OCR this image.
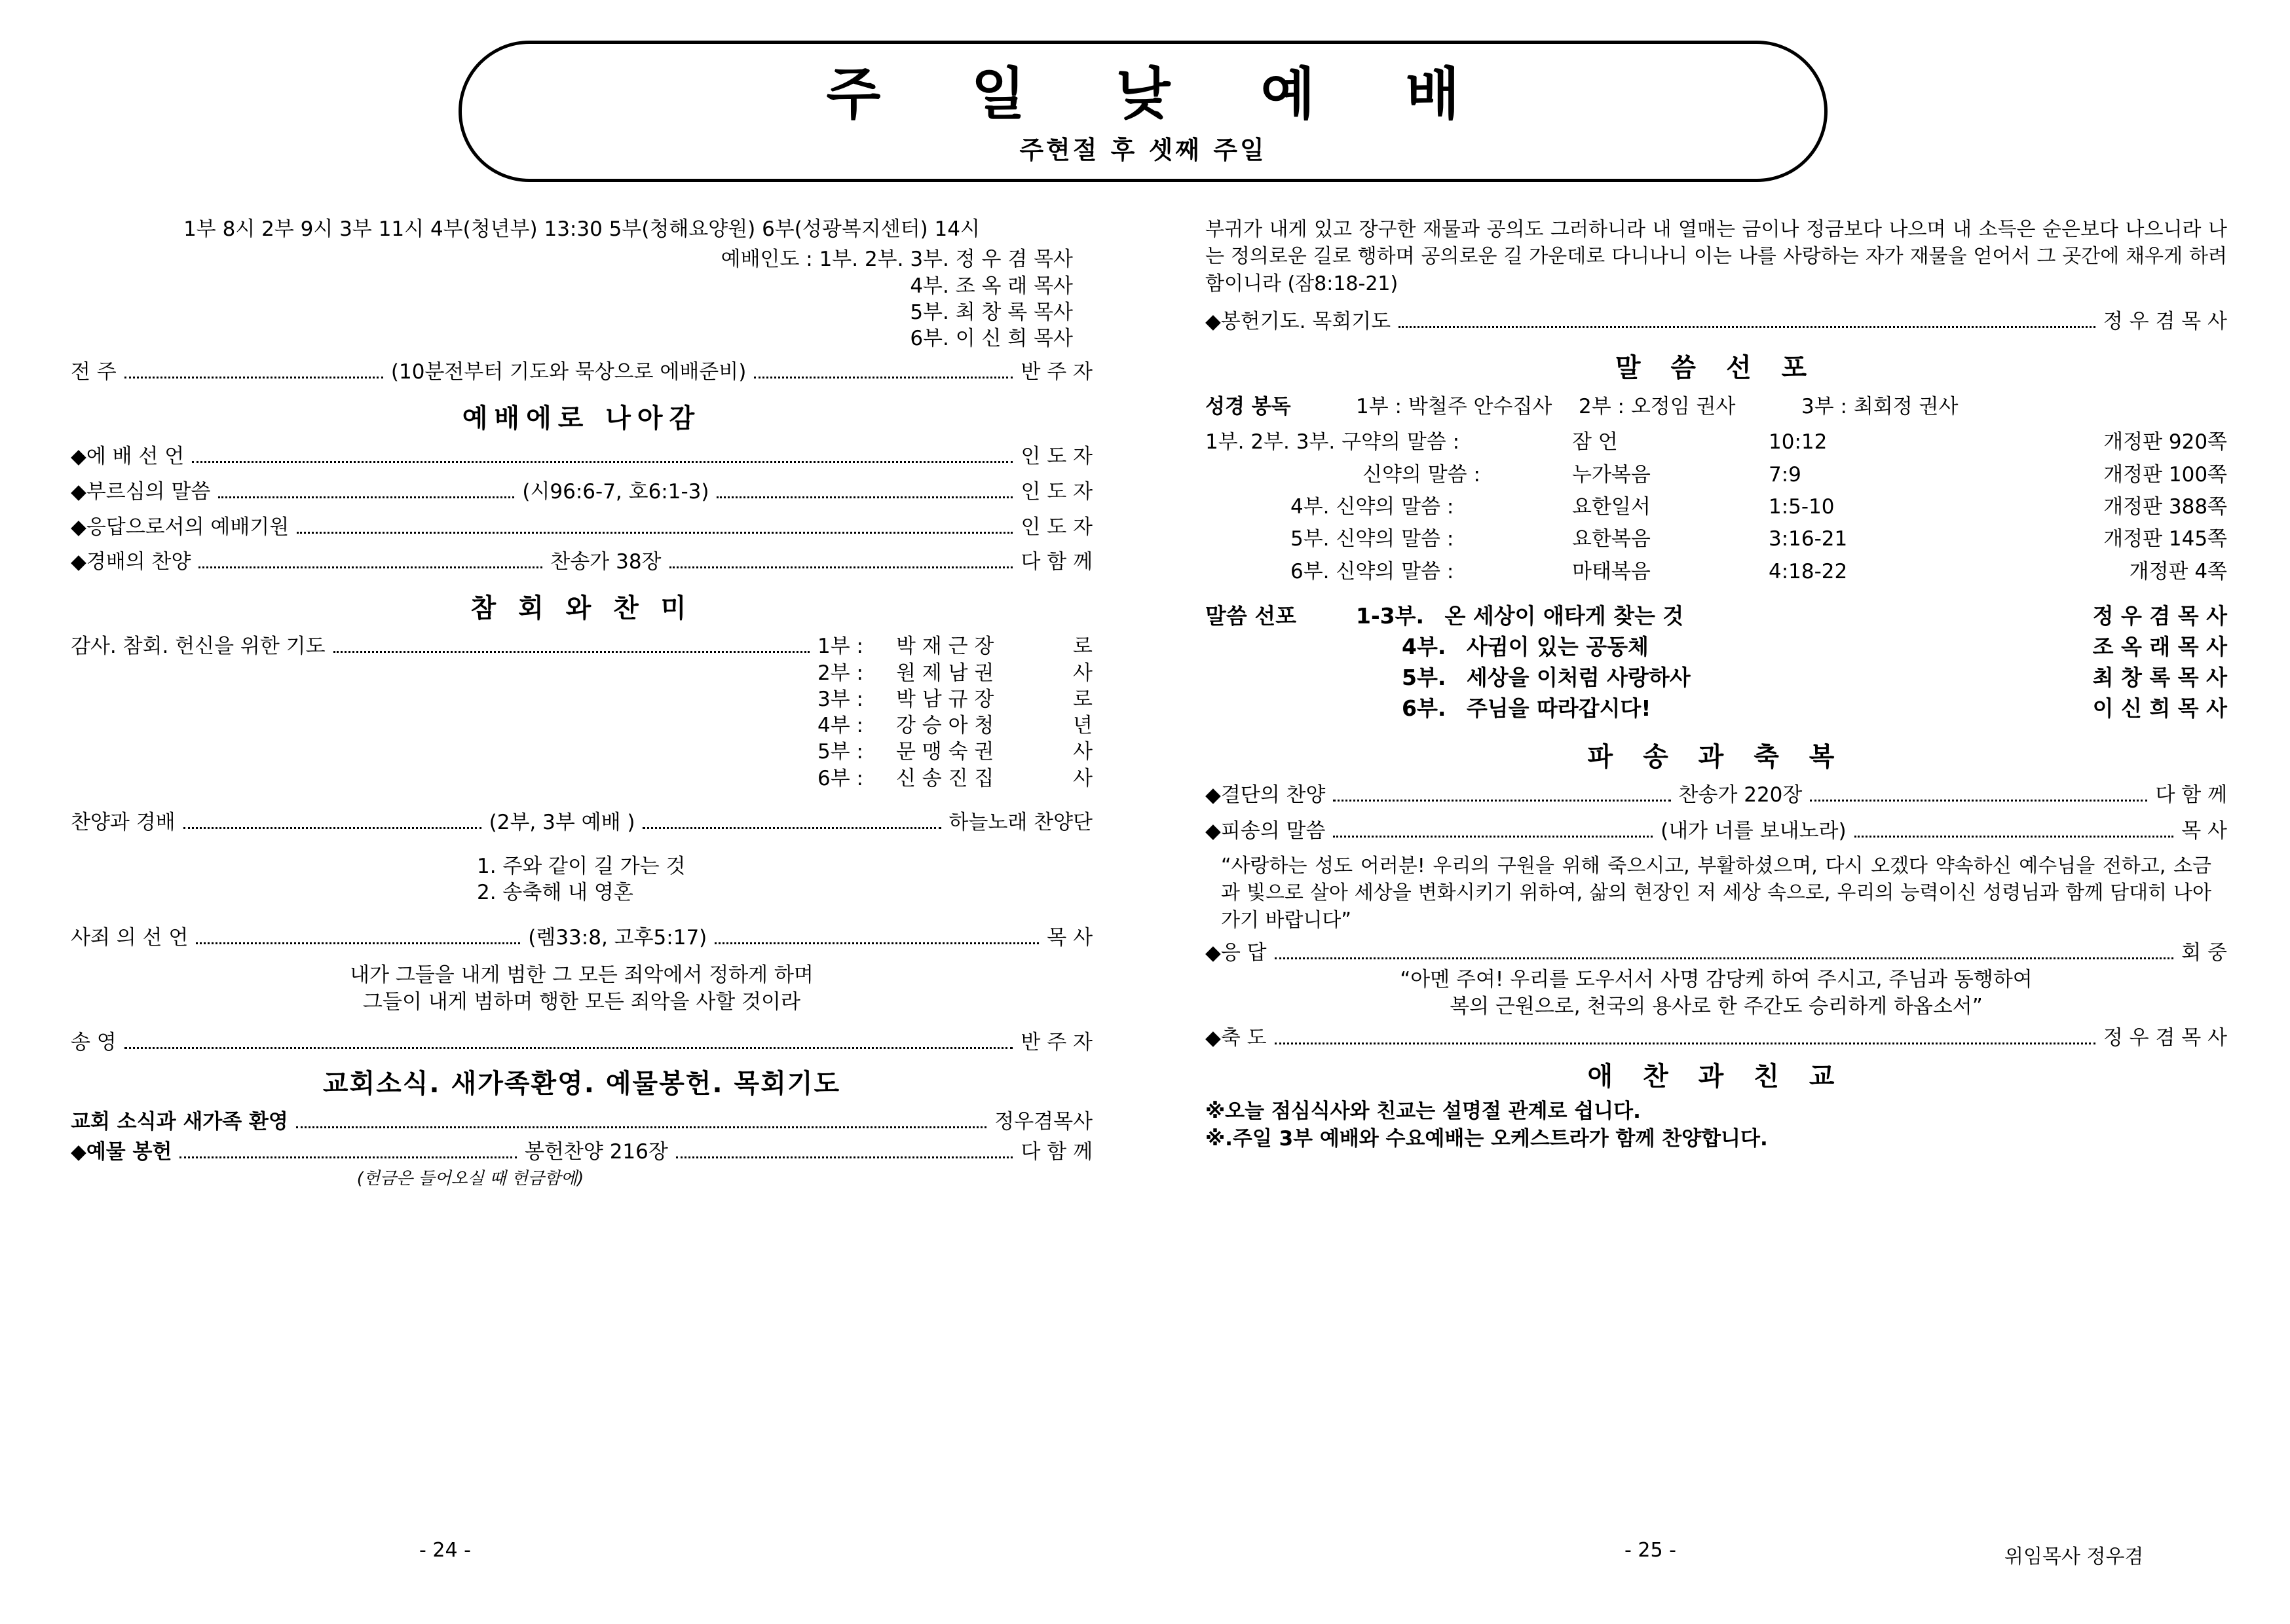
주 일 낮 예 배
주현절 후 셋째 주일
1부 8시 2부 9시 3부 11시 4부(청년부) 13:30 5부(청해요양원) 6부(성광복지센터) 14시
예배인도 : 1부. 2부. 3부. 정 우 겸 목사
4부. 조 옥 래 목사
5부. 최 창 록 목사
6부. 이 신 희 목사
전 주	(10분전부터 기도와 묵상으로 에배준비)	반 주 자
예배에로 나아감
◆에 배 선 언	인 도 자
◆부르심의 말씀	(시96:6-7, 호6:1-3)	인 도 자
◆응답으로서의 예배기원	인 도 자
◆경배의 찬양	찬송가 38장	다 함 께
참 회 와 찬 미
감사. 참회. 헌신을 위한 기도	1부 :	박 재 근 장	로
2부 :	원 제 남 권	사
3부 :	박 남 규 장	로
4부 :	강 승 아 청	년
5부 :	문 맹 숙 권	사
6부 :	신 송 진 집	사
찬양과 경배	(2부, 3부 예배 )	하늘노래 찬양단
1. 주와 같이 길 가는 것
2. 송축해 내 영혼
사죄 의 선 언	(렘33:8, 고후5:17)	목 사
내가 그들을 내게 범한 그 모든 죄악에서 정하게 하며
그들이 내게 범하며 행한 모든 죄악을 사할 것이라
송 영	반 주 자
교회소식. 새가족환영. 예물봉헌. 목회기도
교회 소식과 새가족 환영	정우겸목사
◆예물 봉헌	봉헌찬양 216장	다 함 께
(헌금은 들어오실 때 헌금함에)
부귀가 내게 있고 장구한 재물과 공의도 그러하니라 내 열매는 금이나 정금보다 나으며 내 소득은 순은보다 나으니라 나는 정의로운 길로 행하며 공의로운 길 가운데로 다니나니 이는 나를 사랑하는 자가 재물을 얻어서 그 곳간에 채우게 하려 함이니라 (잠8:18-21)
◆봉헌기도. 목회기도	정 우 겸 목 사
말 씀 선 포
성경 봉독	1부 : 박철주 안수집사	2부 : 오정임 권사	3부 : 최회정 권사
1부. 2부. 3부. 구약의 말씀 :	잠 언	10:12	개정판 920쪽
신약의 말씀 :	누가복음	7:9	개정판 100쪽
4부. 신약의 말씀 :	요한일서	1:5-10	개정판 388쪽
5부. 신약의 말씀 :	요한복음	3:16-21	개정판 145쪽
6부. 신약의 말씀 :	마태복음	4:18-22	개정판 4쪽
말씀 선포	1-3부. 온 세상이 애타게 찾는 것	정 우 겸 목 사
4부. 사귐이 있는 공동체	조 옥 래 목 사
5부. 세상을 이처럼 사랑하사	최 창 록 목 사
6부. 주님을 따라갑시다!	이 신 희 목 사
파 송 과 축 복
◆결단의 찬양	찬송가 220장	다 함 께
◆피송의 말씀	(내가 너를 보내노라)	목 사
“사랑하는 성도 어러분! 우리의 구원을 위해 죽으시고, 부활하셨으며, 다시 오겠다 약속하신 예수님을 전하고, 소금과 빛으로 살아 세상을 변화시키기 위하여, 삶의 현장인 저 세상 속으로, 우리의 능력이신 성령님과 함께 담대히 나아가기 바랍니다”
◆응 답	회 중
“아멘 주여! 우리를 도우서서 사명 감당케 하여 주시고, 주님과 동행하여
복의 근원으로, 천국의 용사로 한 주간도 승리하게 하옵소서”
◆축 도	정 우 겸 목 사
애 찬 과 친 교
※오늘 점심식사와 친교는 설명절 관계로 쉽니다.
※.주일 3부 예배와 수요예배는 오케스트라가 함께 찬양합니다.
- 24 -	- 25 -	위임목사 정우겸
